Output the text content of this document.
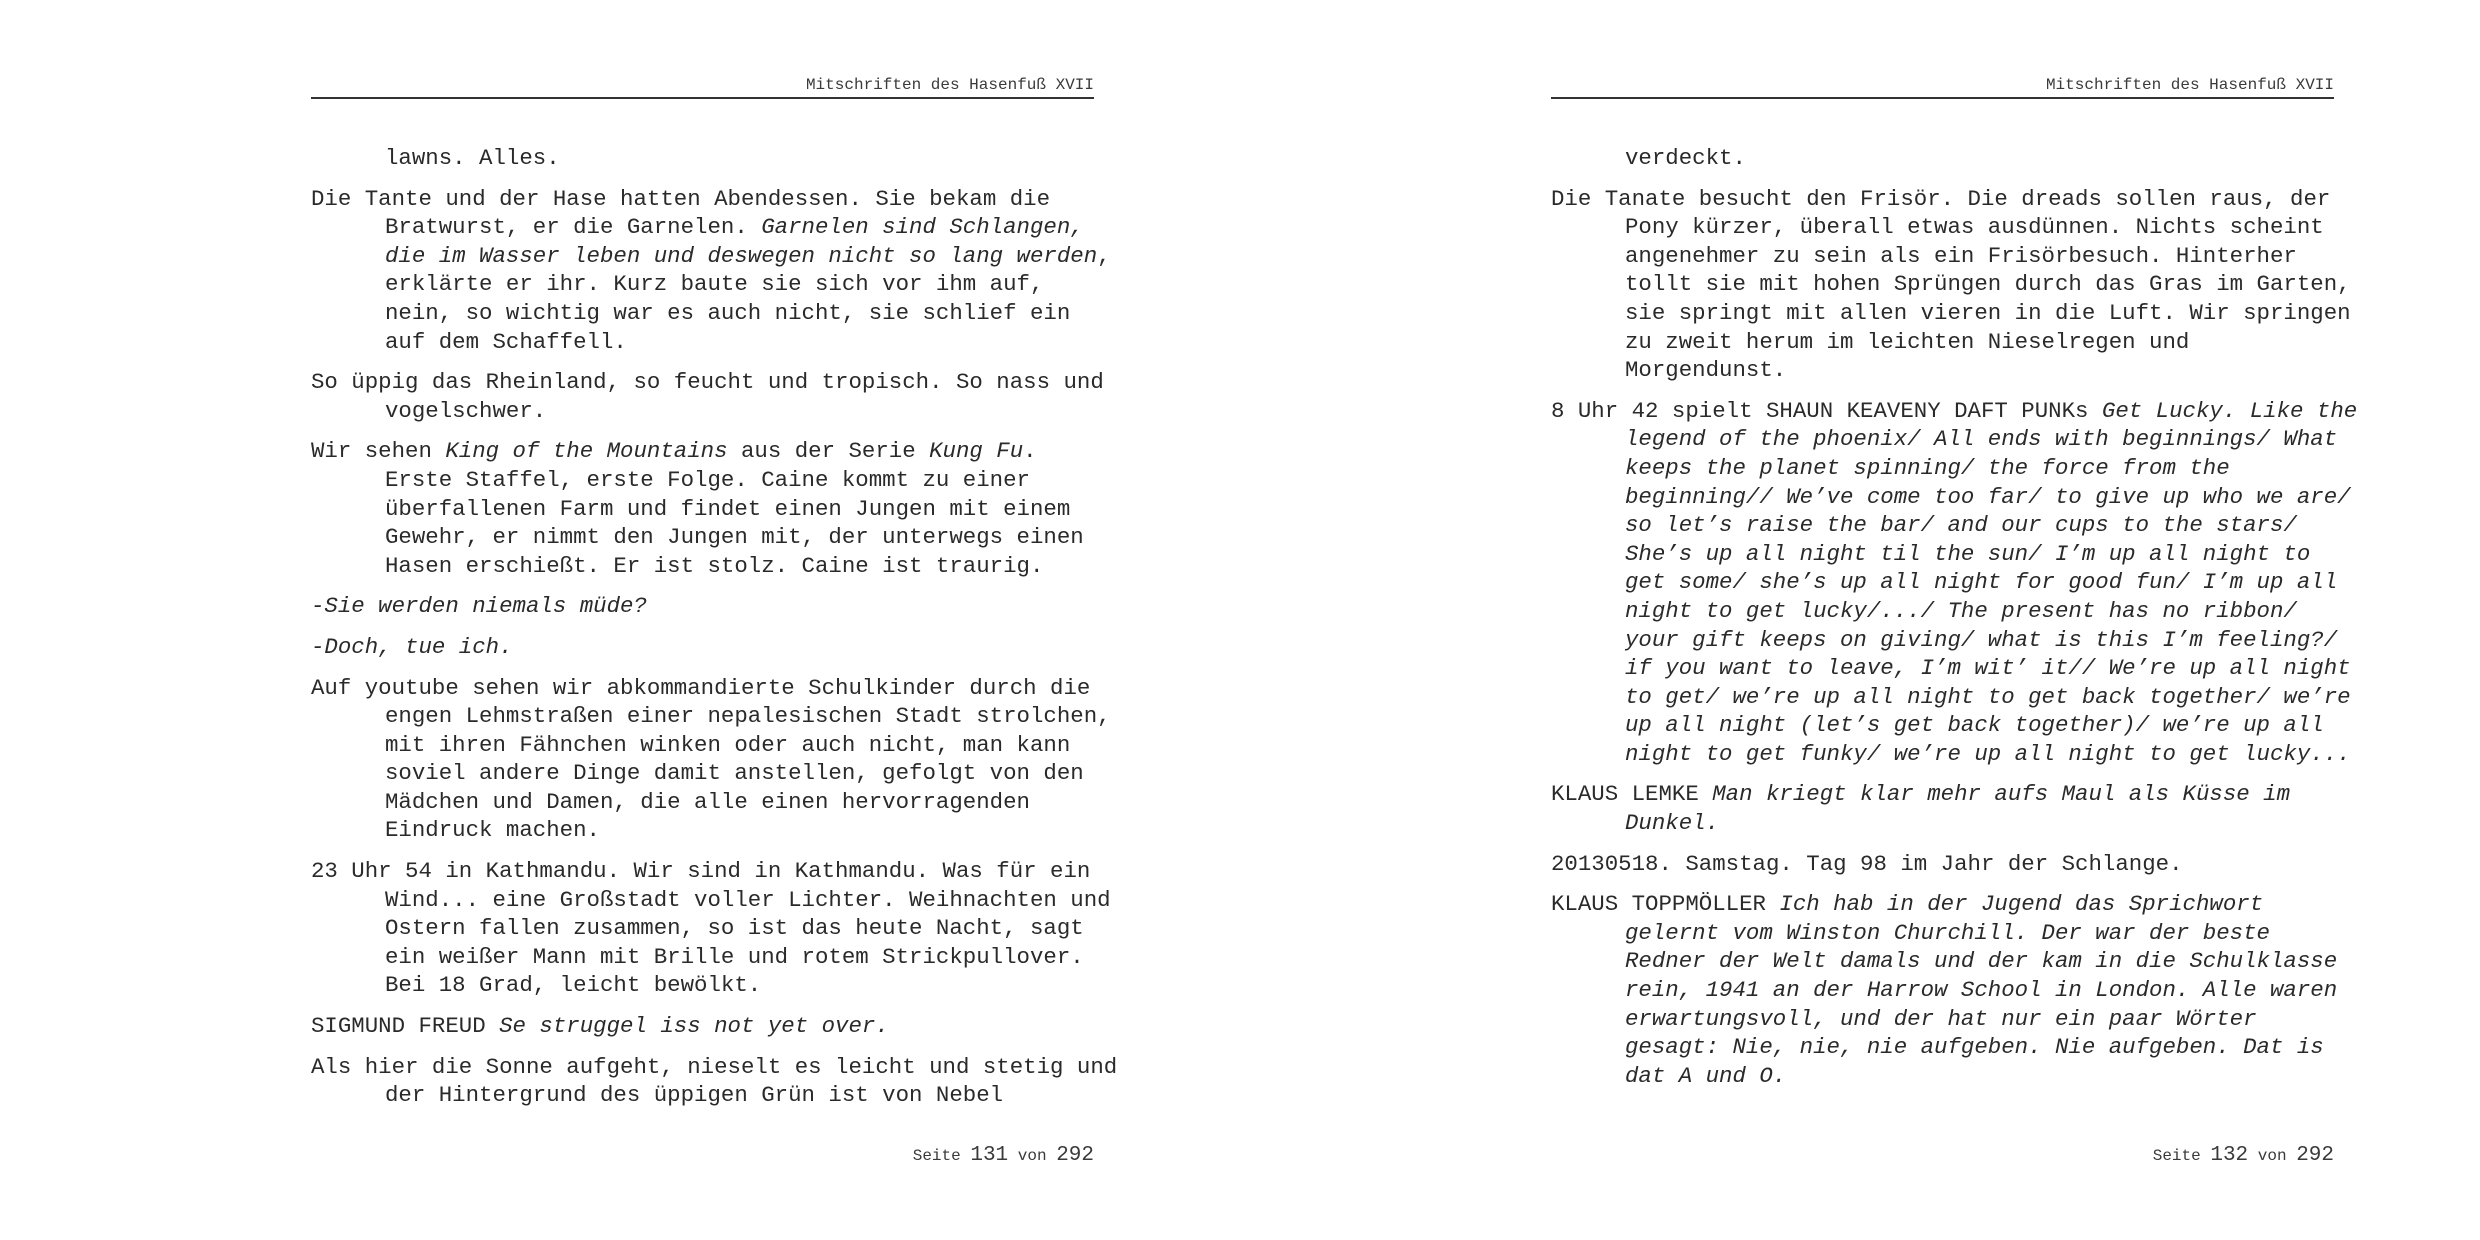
Mitschriften des Hasenfuß XVII

lawns. Alles.

Die Tante und der Hase hatten Abendessen. Sie bekam die
Bratwurst, er die Garnelen. Garnelen sind Schlangen,
die im Wasser leben und deswegen nicht so lang werden,
erklärte er ihr. Kurz baute sie sich vor ihm auf,
nein, so wichtig war es auch nicht, sie schlief ein
auf dem Schaffell.

So üppig das Rheinland, so feucht und tropisch. So nass und
vogelschwer.

Wir sehen King of the Mountains aus der Serie Kung Fu.
Erste Staffel, erste Folge. Caine kommt zu einer
überfallenen Farm und findet einen Jungen mit einem
Gewehr, er nimmt den Jungen mit, der unterwegs einen
Hasen erschießt. Er ist stolz. Caine ist traurig.

-Sie werden niemals müde?

-Doch, tue ich.

Auf youtube sehen wir abkommandierte Schulkinder durch die
engen Lehmstraßen einer nepalesischen Stadt strolchen,
mit ihren Fähnchen winken oder auch nicht, man kann
soviel andere Dinge damit anstellen, gefolgt von den
Mädchen und Damen, die alle einen hervorragenden
Eindruck machen.

23 Uhr 54 in Kathmandu. Wir sind in Kathmandu. Was für ein
Wind... eine Großstadt voller Lichter. Weihnachten und
Ostern fallen zusammen, so ist das heute Nacht, sagt
ein weißer Mann mit Brille und rotem Strickpullover.
Bei 18 Grad, leicht bewölkt.

SIGMUND FREUD Se struggel iss not yet over.

Als hier die Sonne aufgeht, nieselt es leicht und stetig und
der Hintergrund des üppigen Grün ist von Nebel

Seite 131 von 292
Mitschriften des Hasenfuß XVII

verdeckt.

Die Tanate besucht den Frisör. Die dreads sollen raus, der
Pony kürzer, überall etwas ausdünnen. Nichts scheint
angenehmer zu sein als ein Frisörbesuch. Hinterher
tollt sie mit hohen Sprüngen durch das Gras im Garten,
sie springt mit allen vieren in die Luft. Wir springen
zu zweit herum im leichten Nieselregen und
Morgendunst.

8 Uhr 42 spielt SHAUN KEAVENY DAFT PUNKs Get Lucky. Like the
legend of the phoenix/ All ends with beginnings/ What
keeps the planet spinning/ the force from the
beginning// We’ve come too far/ to give up who we are/
so let’s raise the bar/ and our cups to the stars/
She’s up all night til the sun/ I’m up all night to
get some/ she’s up all night for good fun/ I’m up all
night to get lucky/.../ The present has no ribbon/
your gift keeps on giving/ what is this I’m feeling?/
if you want to leave, I’m wit’ it// We’re up all night
to get/ we’re up all night to get back together/ we’re
up all night (let’s get back together)/ we’re up all
night to get funky/ we’re up all night to get lucky...

KLAUS LEMKE Man kriegt klar mehr aufs Maul als Küsse im
Dunkel.

20130518. Samstag. Tag 98 im Jahr der Schlange.

KLAUS TOPPMÖLLER Ich hab in der Jugend das Sprichwort
gelernt vom Winston Churchill. Der war der beste
Redner der Welt damals und der kam in die Schulklasse
rein, 1941 an der Harrow School in London. Alle waren
erwartungsvoll, und der hat nur ein paar Wörter
gesagt: Nie, nie, nie aufgeben. Nie aufgeben. Dat is
dat A und O.

Seite 132 von 292
